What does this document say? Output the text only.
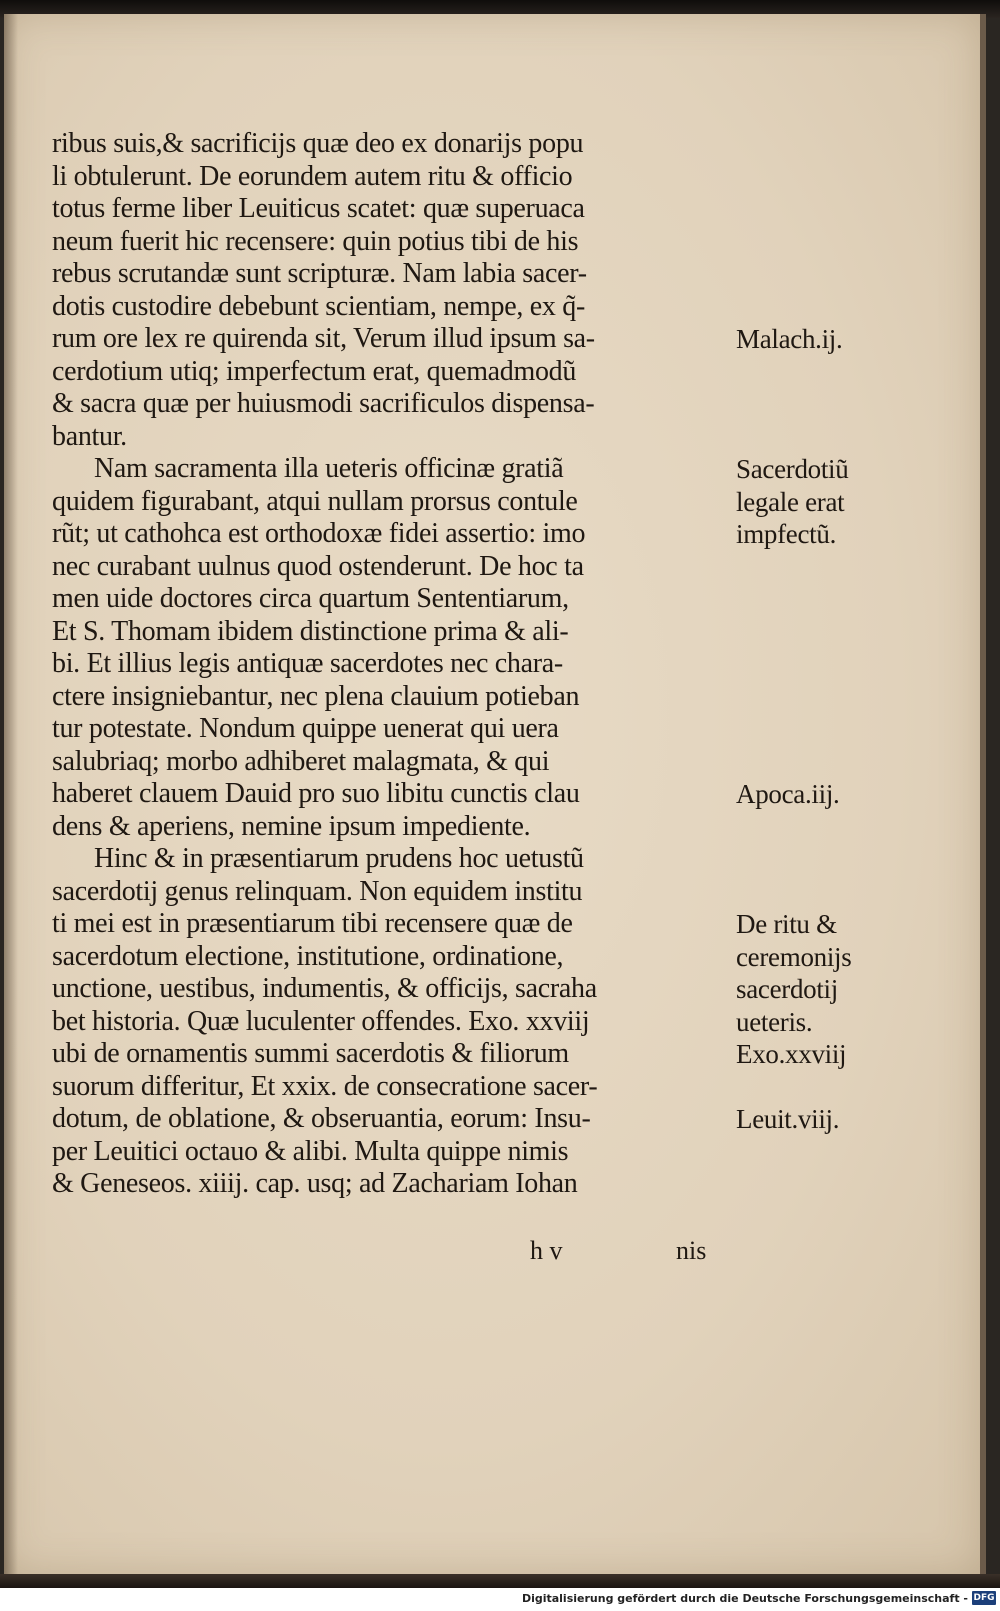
ribus suis,& sacrificijs quæ deo ex donarijs popu
li obtulerunt. De eorundem autem ritu & officio
totus ferme liber Leuiticus scatet: quæ superuaca
neum fuerit hic recensere: quin potius tibi de his
rebus scrutandæ sunt scripturæ. Nam labia sacer-
dotis custodire debebunt scientiam, nempe, ex q̃-
rum ore lex re quirenda sit, Verum illud ipsum sa-
cerdotium utiq; imperfectum erat, quemadmodũ
& sacra quæ per huiusmodi sacrificulos dispensa-
bantur.
Nam sacramenta illa ueteris officinæ gratiã
quidem figurabant, atqui nullam prorsus contule
rũt; ut cathohca est orthodoxæ fidei assertio: imo
nec curabant uulnus quod ostenderunt. De hoc ta
men uide doctores circa quartum Sententiarum,
Et S. Thomam ibidem distinctione prima & ali-
bi. Et illius legis antiquæ sacerdotes nec chara-
ctere insigniebantur, nec plena clauium potieban
tur potestate. Nondum quippe uenerat qui uera
salubriaq; morbo adhiberet malagmata, & qui
haberet clauem Dauid pro suo libitu cunctis clau
dens & aperiens, nemine ipsum impediente.
Hinc & in præsentiarum prudens hoc uetustũ
sacerdotij genus relinquam. Non equidem institu
ti mei est in præsentiarum tibi recensere quæ de
sacerdotum electione, institutione, ordinatione,
unctione, uestibus, indumentis, & officijs, sacraha
bet historia. Quæ luculenter offendes. Exo. xxviij
ubi de ornamentis summi sacerdotis & filiorum
suorum differitur, Et xxix. de consecratione sacer-
dotum, de oblatione, & obseruantia, eorum: Insu-
per Leuitici octauo & alibi. Multa quippe nimis
& Geneseos. xiiij. cap. usq; ad Zachariam Iohan
Malach.ij.
Sacerdotiũ
legale erat
impfectũ.
Apoca.iij.
De ritu &
ceremonijs
sacerdotij
ueteris.
Exo.xxviij
Leuit.viij.
h v	nis
Digitalisierung gefördert durch die Deutsche Forschungsgemeinschaft - DFG
